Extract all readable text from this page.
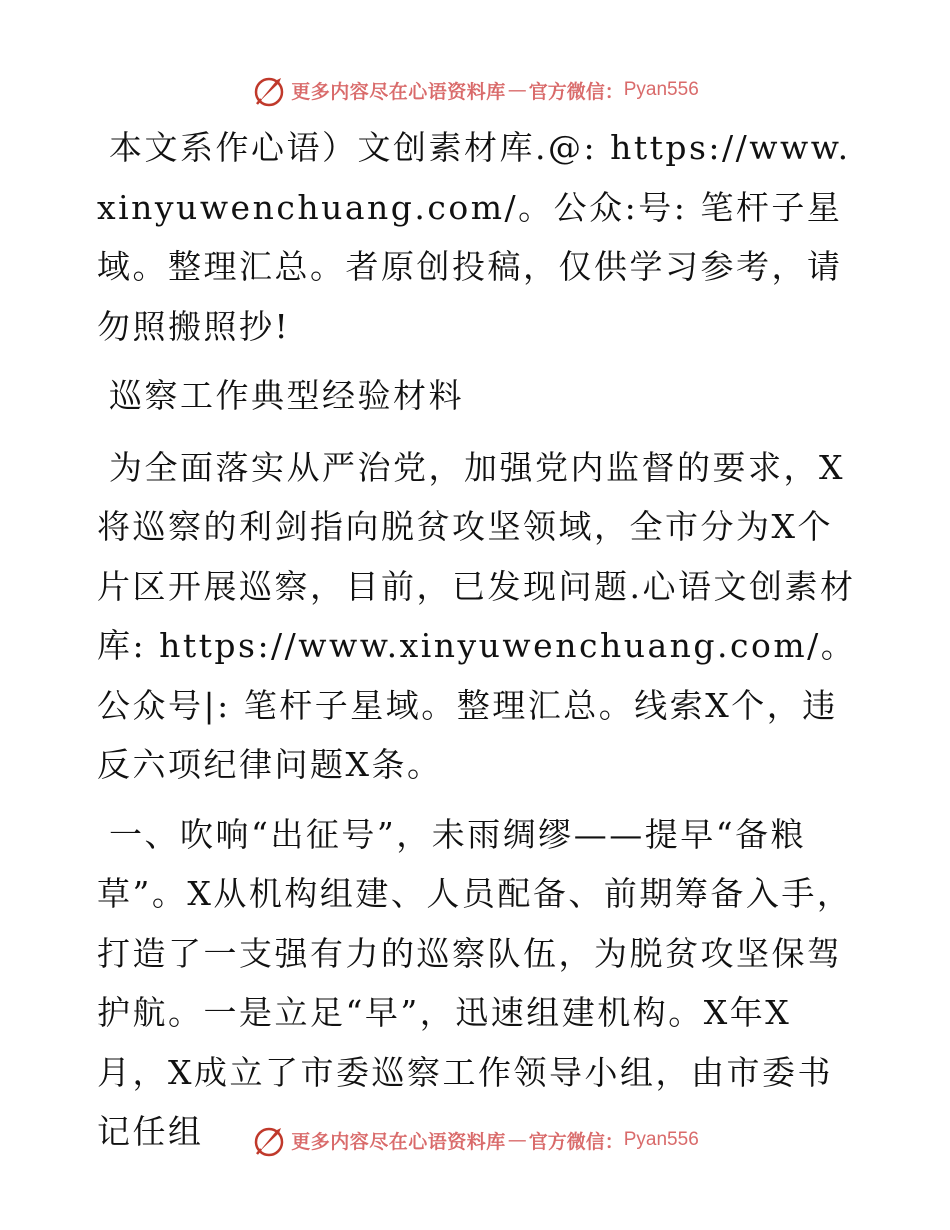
更多内容尽在心语资料库 — 官方微信： Pyan556

本文系作心语）文创素材库.@: https://www.xinyuwenchuang.com/。公众:号: 笔杆子星域。整理汇总。者原创投稿，仅供学习参考，请勿照搬照抄!

巡察工作典型经验材料

为全面落实从严治党，加强党内监督的要求，X将巡察的利剑指向脱贫攻坚领域，全市分为X个片区开展巡察，目前，已发现问题.心语文创素材库: https://www.xinyuwenchuang.com/。公众号|: 笔杆子星域。整理汇总。线索X个，违反六项纪律问题X条。

一、吹响“出征号”，未雨绸缪——提早“备粮草”。X从机构组建、人员配备、前期筹备入手，打造了一支强有力的巡察队伍，为脱贫攻坚保驾护航。一是立足“早”，迅速组建机构。X年X月，X成立了市委巡察工作领导小组，由市委书记任组	更多内容尽在心语资料库 — 官方微信： Pyan556
